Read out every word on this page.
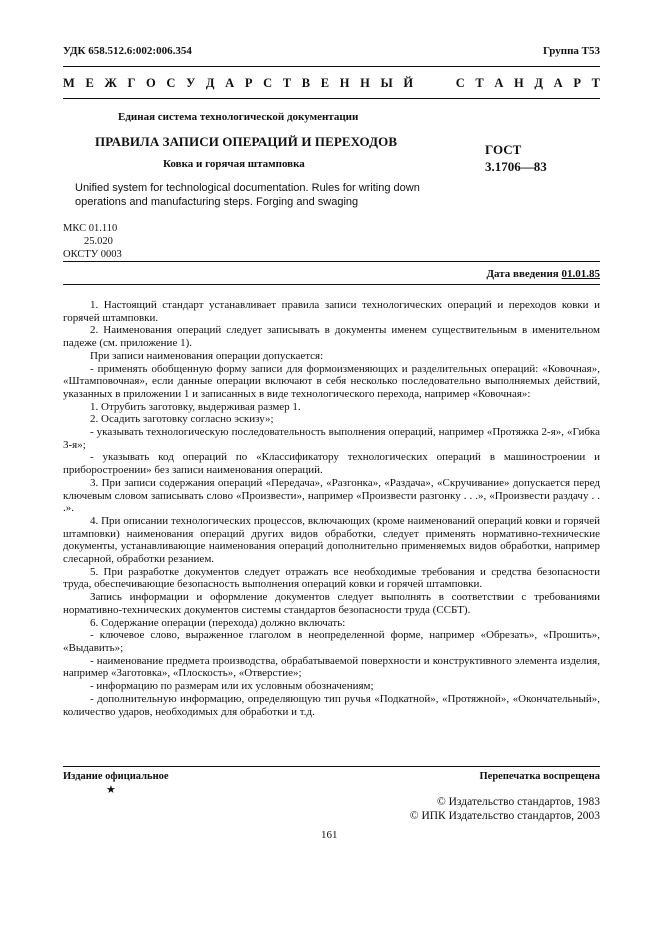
УДК 658.512.6:002:006.354	Группа Т53
М Е Ж Г О С У Д А Р С Т В Е Н Н Ы Й	С Т А Н Д А Р Т
Единая система технологической документации
ПРАВИЛА ЗАПИСИ ОПЕРАЦИЙ И ПЕРЕХОДОВ
Ковка и горячая штамповка
ГОСТ
3.1706—83
Unified system for technological documentation. Rules for writing down operations and manufacturing steps. Forging and swaging
МКС 01.110
25.020
ОКСТУ 0003
Дата введения 01.01.85

1. Настоящий стандарт устанавливает правила записи технологических операций и переходов ковки и горячей штамповки.

2. Наименования операций следует записывать в документы именем существительным в именительном падеже (см. приложение 1).

При записи наименования операции допускается:

- применять обобщенную форму записи для формоизменяющих и разделительных операций: «Ковочная», «Штамповочная», если данные операции включают в себя несколько последовательно выполняемых действий, указанных в приложении 1 и записанных в виде технологического перехода, например «Ковочная»:

1. Отрубить заготовку, выдерживая размер 1.

2. Осадить заготовку согласно эскизу»;

- указывать технологическую последовательность выполнения операций, например «Протяжка 2-я», «Гибка 3-я»;

- указывать код операций по «Классификатору технологических операций в машиностроении и приборостроении» без записи наименования операций.

3. При записи содержания операций «Передача», «Разгонка», «Раздача», «Скручивание» допускается перед ключевым словом записывать слово «Произвести», например «Произвести разгонку . . .», «Произвести раздачу . . .».

4. При описании технологических процессов, включающих (кроме наименований операций ковки и горячей штамповки) наименования операций других видов обработки, следует применять нормативно-технические документы, устанавливающие наименования операций дополнительно применяемых видов обработки, например слесарной, обработки резанием.

5. При разработке документов следует отражать все необходимые требования и средства безопасности труда, обеспечивающие безопасность выполнения операций ковки и горячей штамповки.

Запись информации и оформление документов следует выполнять в соответствии с требованиями нормативно-технических документов системы стандартов безопасности труда (ССБТ).

6. Содержание операции (перехода) должно включать:

- ключевое слово, выраженное глаголом в неопределенной форме, например «Обрезать», «Прошить», «Выдавить»;

- наименование предмета производства, обрабатываемой поверхности и конструктивного элемента изделия, например «Заготовка», «Плоскость», «Отверстие»;

- информацию по размерам или их условным обозначениям;

- дополнительную информацию, определяющую тип ручья «Подкатной», «Протяжной», «Окончательный», количество ударов, необходимых для обработки и т.д.

Издание официальное	Перепечатка воспрещена
★
© Издательство стандартов, 1983
© ИПК Издательство стандартов, 2003
161
